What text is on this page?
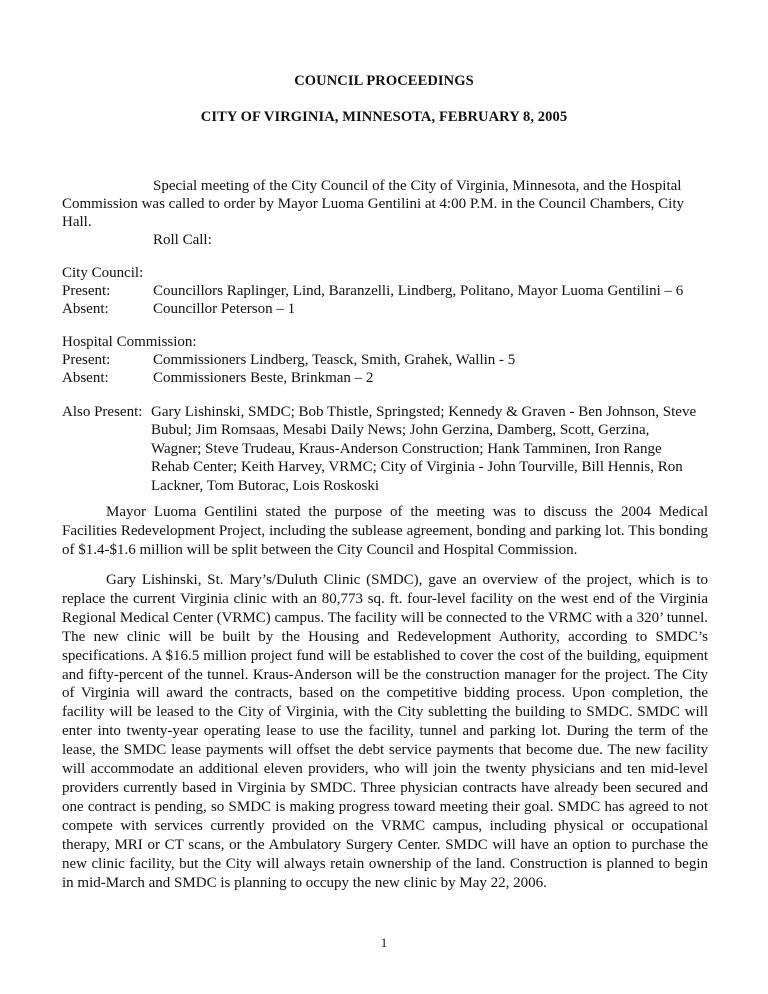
COUNCIL PROCEEDINGS
CITY OF VIRGINIA, MINNESOTA, FEBRUARY 8, 2005
Special meeting of the City Council of the City of Virginia, Minnesota, and the Hospital
Commission was called to order by Mayor Luoma Gentilini at 4:00 P.M. in the Council Chambers, City
Hall.
Roll Call:
City Council:
Present:	Councillors Raplinger, Lind, Baranzelli, Lindberg, Politano, Mayor Luoma Gentilini – 6
Absent:	Councillor Peterson – 1
Hospital Commission:
Present:	Commissioners Lindberg, Teasck, Smith, Grahek, Wallin - 5
Absent:	Commissioners Beste, Brinkman – 2
Also Present: Gary Lishinski, SMDC; Bob Thistle, Springsted; Kennedy & Graven - Ben Johnson, Steve
Bubul; Jim Romsaas, Mesabi Daily News; John Gerzina, Damberg, Scott, Gerzina,
Wagner; Steve Trudeau, Kraus-Anderson Construction; Hank Tamminen, Iron Range
Rehab Center; Keith Harvey, VRMC; City of Virginia - John Tourville, Bill Hennis, Ron
Lackner, Tom Butorac, Lois Roskoski
Mayor Luoma Gentilini stated the purpose of the meeting was to discuss the 2004 Medical Facilities Redevelopment Project, including the sublease agreement, bonding and parking lot. This bonding of $1.4-$1.6 million will be split between the City Council and Hospital Commission.
Gary Lishinski, St. Mary’s/Duluth Clinic (SMDC), gave an overview of the project, which is to replace the current Virginia clinic with an 80,773 sq. ft. four-level facility on the west end of the Virginia Regional Medical Center (VRMC) campus. The facility will be connected to the VRMC with a 320’ tunnel. The new clinic will be built by the Housing and Redevelopment Authority, according to SMDC’s specifications. A $16.5 million project fund will be established to cover the cost of the building, equipment and fifty-percent of the tunnel. Kraus-Anderson will be the construction manager for the project. The City of Virginia will award the contracts, based on the competitive bidding process. Upon completion, the facility will be leased to the City of Virginia, with the City subletting the building to SMDC. SMDC will enter into twenty-year operating lease to use the facility, tunnel and parking lot. During the term of the lease, the SMDC lease payments will offset the debt service payments that become due. The new facility will accommodate an additional eleven providers, who will join the twenty physicians and ten mid-level providers currently based in Virginia by SMDC. Three physician contracts have already been secured and one contract is pending, so SMDC is making progress toward meeting their goal. SMDC has agreed to not compete with services currently provided on the VRMC campus, including physical or occupational therapy, MRI or CT scans, or the Ambulatory Surgery Center. SMDC will have an option to purchase the new clinic facility, but the City will always retain ownership of the land. Construction is planned to begin in mid-March and SMDC is planning to occupy the new clinic by May 22, 2006.
1
